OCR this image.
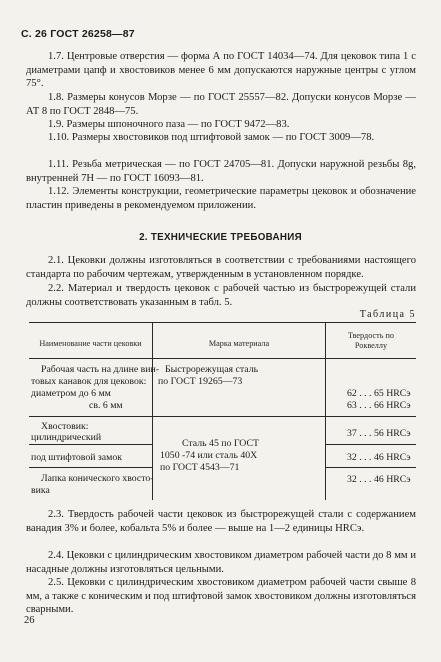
С. 26 ГОСТ 26258—87

1.7. Центровые отверстия — форма А по ГОСТ 14034—74. Для цековок типа 1 с диаметрами цапф и хвостовиков менее 6 мм допускаются наружные центры с углом 75°.

1.8. Размеры конусов Морзе — по ГОСТ 25557—82. Допуски конусов Морзе — АТ 8 по ГОСТ 2848—75.

1.9. Размеры шпоночного паза — по ГОСТ 9472—83.

1.10. Размеры хвостовиков под штифтовой замок — по ГОСТ 3009—78.

1.11. Резьба метрическая — по ГОСТ 24705—81. Допуски наружной резьбы 8g, внутренней 7H — по ГОСТ 16093—81.

1.12. Элементы конструкции, геометрические параметры цековок и обозначение пластин приведены в рекомендуемом приложении.

2. ТЕХНИЧЕСКИЕ ТРЕБОВАНИЯ

2.1. Цековки должны изготовляться в соответствии с требованиями настоящего стандарта по рабочим чертежам, утвержденным в установленном порядке.

2.2. Материал и твердость цековок с рабочей частью из быстрорежущей стали должны соответствовать указанным в табл. 5.

Таблица 5
Наименование части цековки	Марка материала
Твердость по Роквеллу
Рабочая часть на длине вин-
товых канавок для цековок:
диаметром до 6 мм
св. 6 мм
Быстрорежущая сталь
по ГОСТ 19265—73
62 . . . 65 HRCэ
63 . . . 66 HRCэ
Хвостовик:
цилиндрический
под штифтовой замок
Лапка конического хвосто-
вика
Сталь 45 по ГОСТ
1050 -74 или сталь 40Х
по ГОСТ 4543—71
37 . . . 56 HRCэ
32 . . . 46 HRCэ
32 . . . 46 HRCэ

2.3. Твердость рабочей части цековок из быстрорежущей стали с содержанием ванадия 3% и более, кобальта 5% и более — выше на 1—2 единицы HRCэ.

2.4. Цековки с цилиндрическим хвостовиком диаметром рабочей части до 8 мм и насадные должны изготовляться цельными.

2.5. Цековки с цилиндрическим хвостовиком диаметром рабочей части свыше 8 мм, а также с коническим и под штифтовой замок хвостовиком должны изготовляться сварными.

26
